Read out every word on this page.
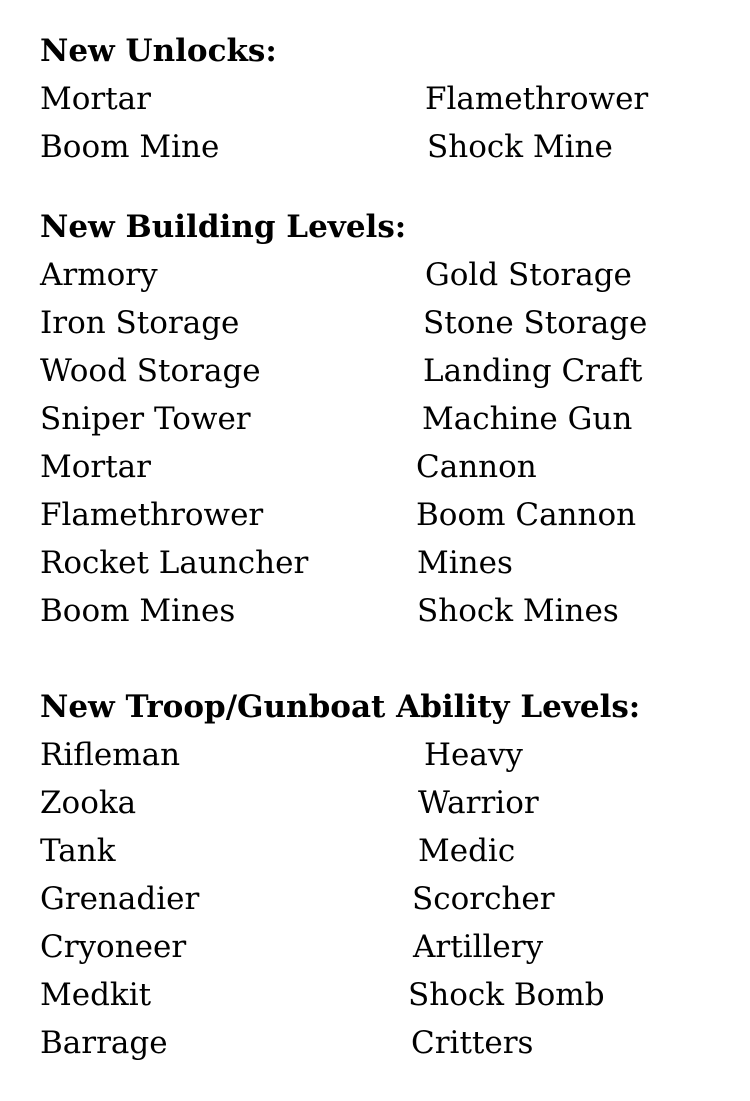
New Unlocks:
Mortar	Flamethrower
Boom Mine	Shock Mine
New Building Levels:
Armory	Gold Storage
Iron Storage	Stone Storage
Wood Storage	Landing Craft
Sniper Tower	Machine Gun
Mortar	Cannon
Flamethrower	Boom Cannon
Rocket Launcher	Mines
Boom Mines	Shock Mines
New Troop/Gunboat Ability Levels:
Rifleman	Heavy
Zooka	Warrior
Tank	Medic
Grenadier	Scorcher
Cryoneer	Artillery
Medkit	Shock Bomb
Barrage	Critters
